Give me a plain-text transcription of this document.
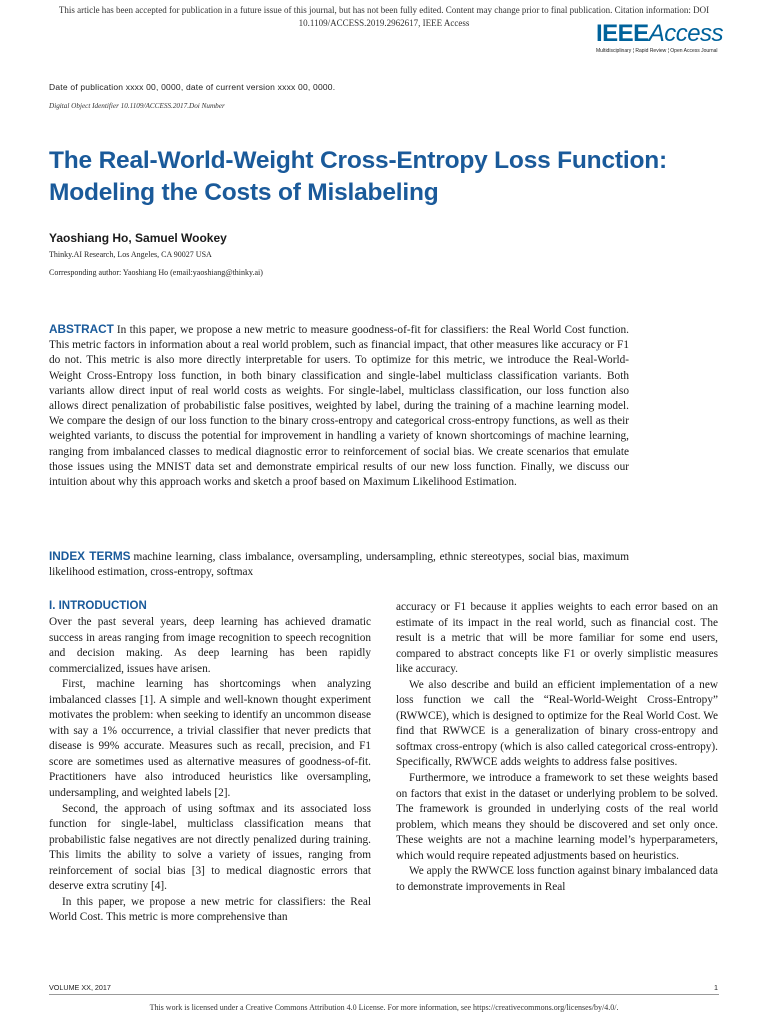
This article has been accepted for publication in a future issue of this journal, but has not been fully edited. Content may change prior to final publication. Citation information: DOI 10.1109/ACCESS.2019.2962617, IEEE Access	IEEEAccess
Multidisciplinary ¦ Rapid Review ¦ Open Access Journal
Date of publication xxxx 00, 0000, date of current version xxxx 00, 0000.
Digital Object Identifier 10.1109/ACCESS.2017.Doi Number
The Real-World-Weight Cross-Entropy Loss Function: Modeling the Costs of Mislabeling
Yaoshiang Ho, Samuel Wookey
Thinky.AI Research, Los Angeles, CA 90027 USA
Corresponding author: Yaoshiang Ho (email:yaoshiang@thinky.ai)

ABSTRACT In this paper, we propose a new metric to measure goodness-of-fit for classifiers: the Real World Cost function. This metric factors in information about a real world problem, such as financial impact, that other measures like accuracy or F1 do not. This metric is also more directly interpretable for users. To optimize for this metric, we introduce the Real-World-Weight Cross-Entropy loss function, in both binary classification and single-label multiclass classification variants. Both variants allow direct input of real world costs as weights. For single-label, multiclass classification, our loss function also allows direct penalization of probabilistic false positives, weighted by label, during the training of a machine learning model. We compare the design of our loss function to the binary cross-entropy and categorical cross-entropy functions, as well as their weighted variants, to discuss the potential for improvement in handling a variety of known shortcomings of machine learning, ranging from imbalanced classes to medical diagnostic error to reinforcement of social bias. We create scenarios that emulate those issues using the MNIST data set and demonstrate empirical results of our new loss function. Finally, we discuss our intuition about why this approach works and sketch a proof based on Maximum Likelihood Estimation.

INDEX TERMS machine learning, class imbalance, oversampling, undersampling, ethnic stereotypes, social bias, maximum likelihood estimation, cross-entropy, softmax

I. INTRODUCTION

Over the past several years, deep learning has achieved dramatic success in areas ranging from image recognition to speech recognition and decision making. As deep learning has been rapidly commercialized, issues have arisen.

First, machine learning has shortcomings when analyzing imbalanced classes [1]. A simple and well-known thought experiment motivates the problem: when seeking to identify an uncommon disease with say a 1% occurrence, a trivial classifier that never predicts that disease is 99% accurate. Measures such as recall, precision, and F1 score are sometimes used as alternative measures of goodness-of-fit. Practitioners have also introduced heuristics like oversampling, undersampling, and weighted labels [2].

Second, the approach of using softmax and its associated loss function for single-label, multiclass classification means that probabilistic false negatives are not directly penalized during training. This limits the ability to solve a variety of issues, ranging from reinforcement of social bias [3] to medical diagnostic errors that deserve extra scrutiny [4].

In this paper, we propose a new metric for classifiers: the Real World Cost. This metric is more comprehensive than

accuracy or F1 because it applies weights to each error based on an estimate of its impact in the real world, such as financial cost. The result is a metric that will be more familiar for some end users, compared to abstract concepts like F1 or overly simplistic measures like accuracy.

We also describe and build an efficient implementation of a new loss function we call the “Real-World-Weight Cross-Entropy” (RWWCE), which is designed to optimize for the Real World Cost. We find that RWWCE is a generalization of binary cross-entropy and softmax cross-entropy (which is also called categorical cross-entropy). Specifically, RWWCE adds weights to address false positives.

Furthermore, we introduce a framework to set these weights based on factors that exist in the dataset or underlying problem to be solved. The framework is grounded in underlying costs of the real world problem, which means they should be discovered and set only once. These weights are not a machine learning model’s hyperparameters, which would require repeated adjustments based on heuristics.

We apply the RWWCE loss function against binary imbalanced data to demonstrate improvements in Real

VOLUME XX, 2017	1
This work is licensed under a Creative Commons Attribution 4.0 License. For more information, see https://creativecommons.org/licenses/by/4.0/.
